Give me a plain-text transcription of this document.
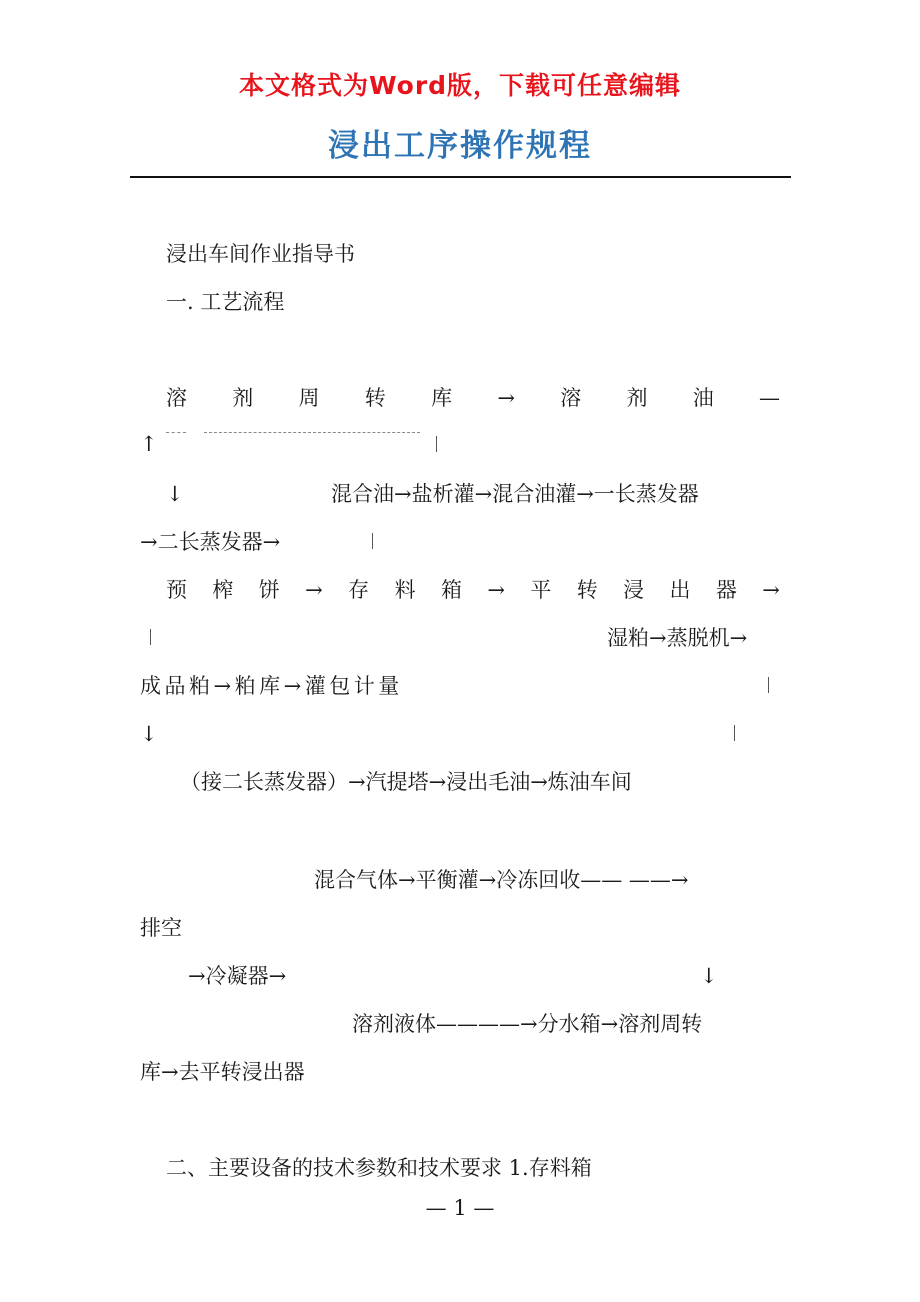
本文格式为Word版，下载可任意编辑
浸出工序操作规程
浸出车间作业指导书
一. 工艺流程
溶 剂 周 转 库 → 溶 剂 油 —
↑
↓	混合油→盐析灌→混合油灌→一长蒸发器
→二长蒸发器→
预 榨 饼 → 存 料 箱 → 平 转 浸 出 器 →
湿粕→蒸脱机→
成品粕→粕库→灌包计量
↓
（接二长蒸发器）→汽提塔→浸出毛油→炼油车间
混合气体→平衡灌→冷冻回收—— ——→
排空
→冷凝器→	↓
溶剂液体————→分水箱→溶剂周转
库→去平转浸出器
二、主要设备的技术参数和技术要求 1.存料箱
— 1 —
